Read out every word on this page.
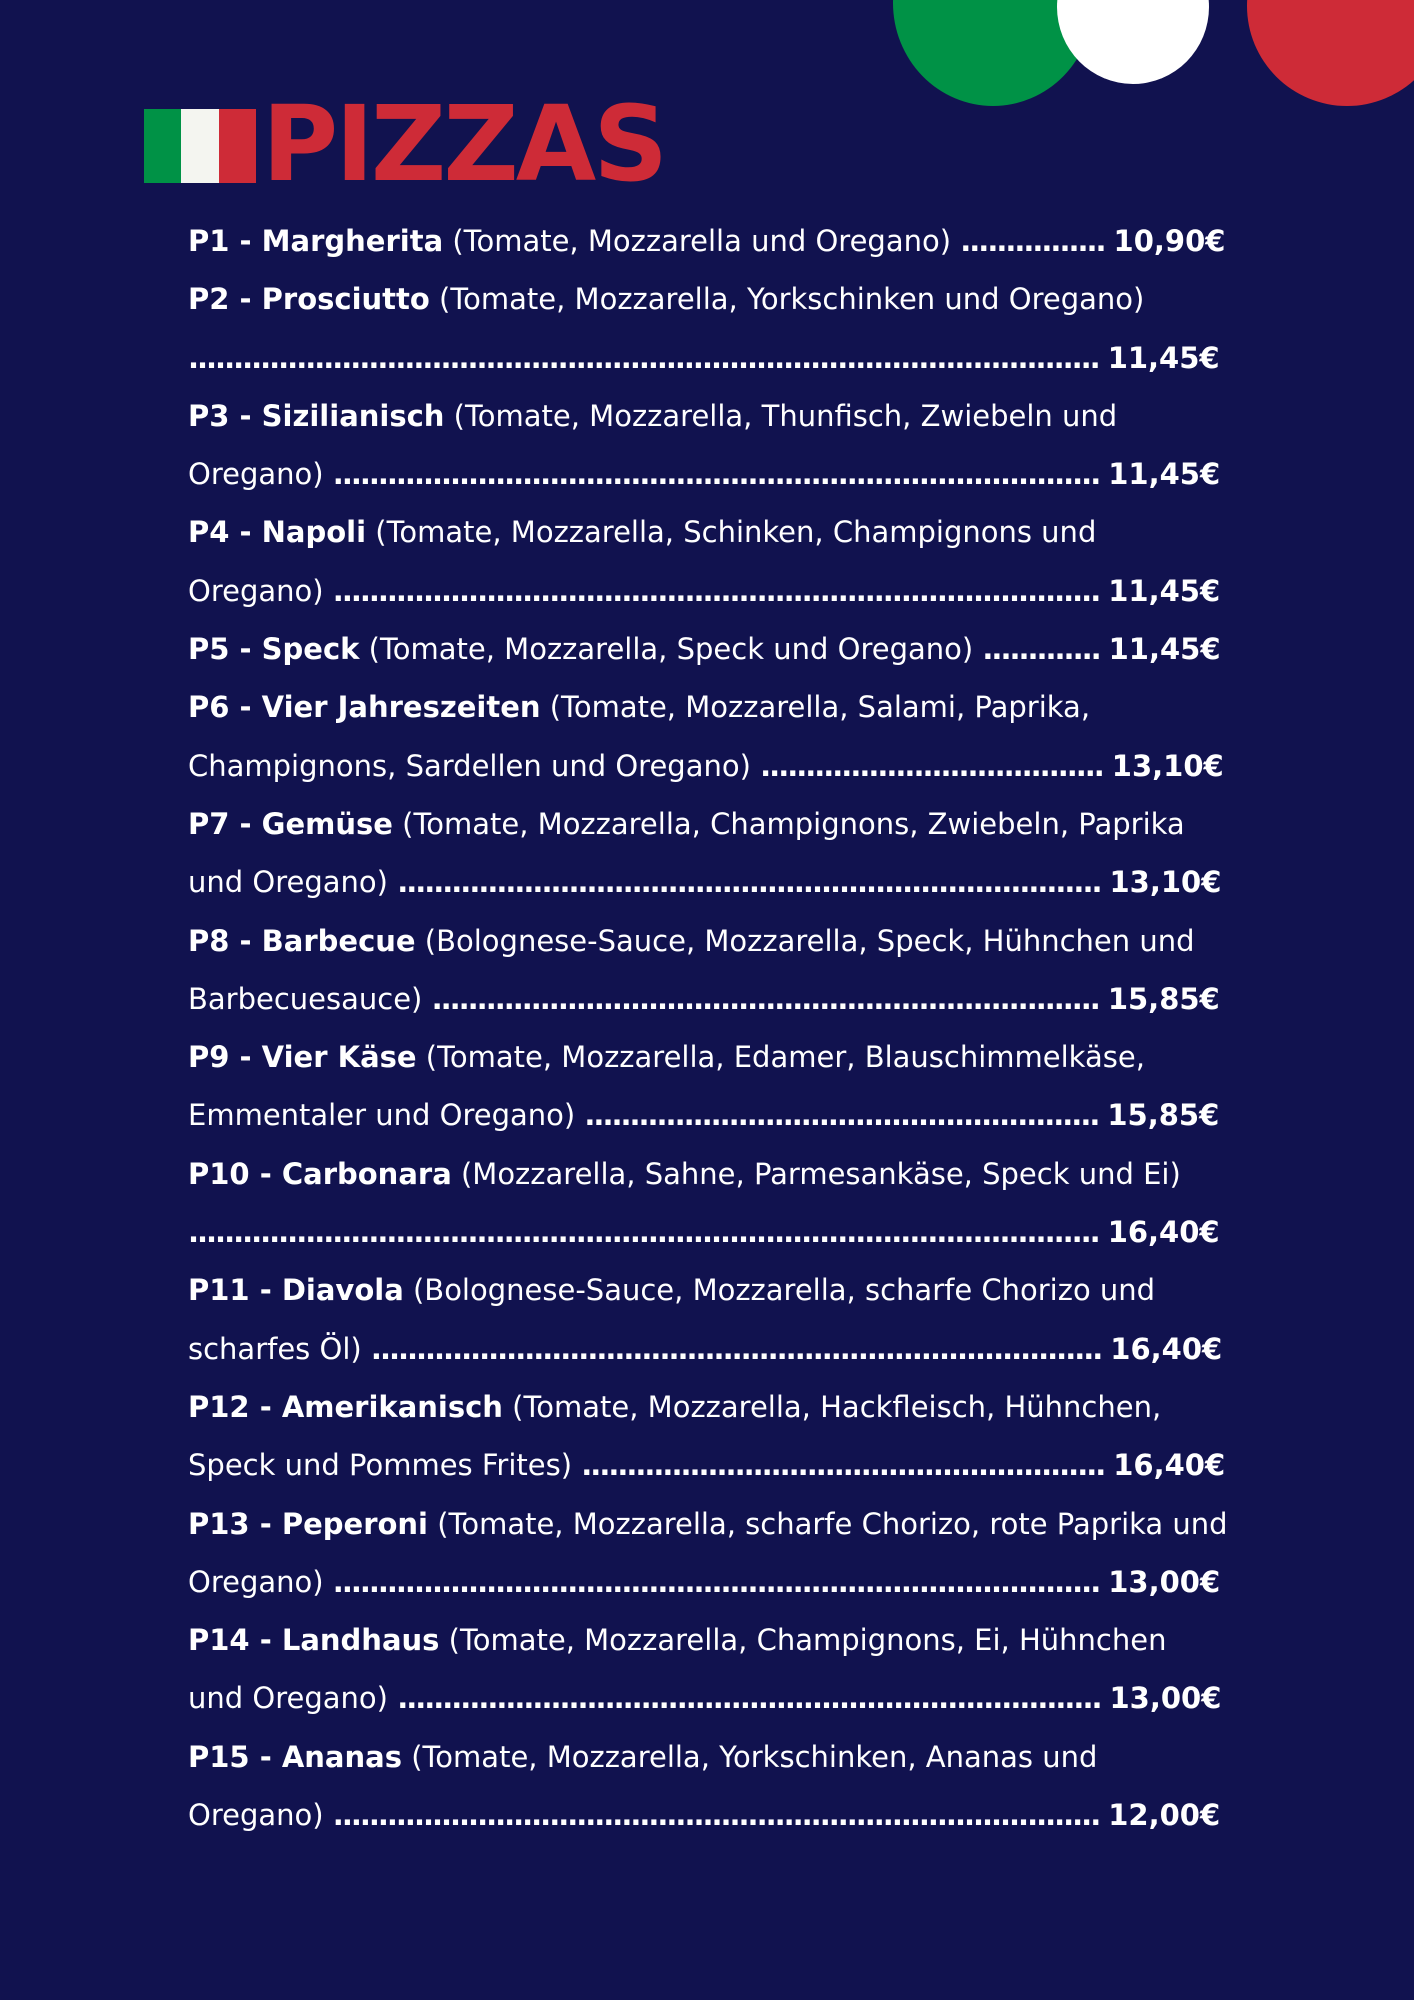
PIZZAS
P1 - Margherita (Tomate, Mozzarella und Oregano) ................ 10,90€
P2 - Prosciutto (Tomate, Mozzarella, Yorkschinken und Oregano) ..................................................................................................... 11,45€
P3 - Sizilianisch (Tomate, Mozzarella, Thunfisch, Zwiebeln und Oregano) ..................................................................................... 11,45€
P4 - Napoli (Tomate, Mozzarella, Schinken, Champignons und Oregano) ..................................................................................... 11,45€
P5 - Speck (Tomate, Mozzarella, Speck und Oregano) ............. 11,45€
P6 - Vier Jahreszeiten (Tomate, Mozzarella, Salami, Paprika, Champignons, Sardellen und Oregano) ...................................... 13,10€
P7 - Gemüse (Tomate, Mozzarella, Champignons, Zwiebeln, Paprika und Oregano) .............................................................................. 13,10€
P8 - Barbecue (Bolognese-Sauce, Mozzarella, Speck, Hühnchen und Barbecuesauce) .......................................................................... 15,85€
P9 - Vier Käse (Tomate, Mozzarella, Edamer, Blauschimmelkäse, Emmentaler und Oregano) ......................................................... 15,85€
P10 - Carbonara (Mozzarella, Sahne, Parmesankäse, Speck und Ei) ..................................................................................................... 16,40€
P11 - Diavola (Bolognese-Sauce, Mozzarella, scharfe Chorizo und scharfes Öl) ................................................................................. 16,40€
P12 - Amerikanisch (Tomate, Mozzarella, Hackfleisch, Hühnchen, Speck und Pommes Frites) .......................................................... 16,40€
P13 - Peperoni (Tomate, Mozzarella, scharfe Chorizo, rote Paprika und Oregano) ..................................................................................... 13,00€
P14 - Landhaus (Tomate, Mozzarella, Champignons, Ei, Hühnchen und Oregano) .............................................................................. 13,00€
P15 - Ananas (Tomate, Mozzarella, Yorkschinken, Ananas und Oregano) ..................................................................................... 12,00€
